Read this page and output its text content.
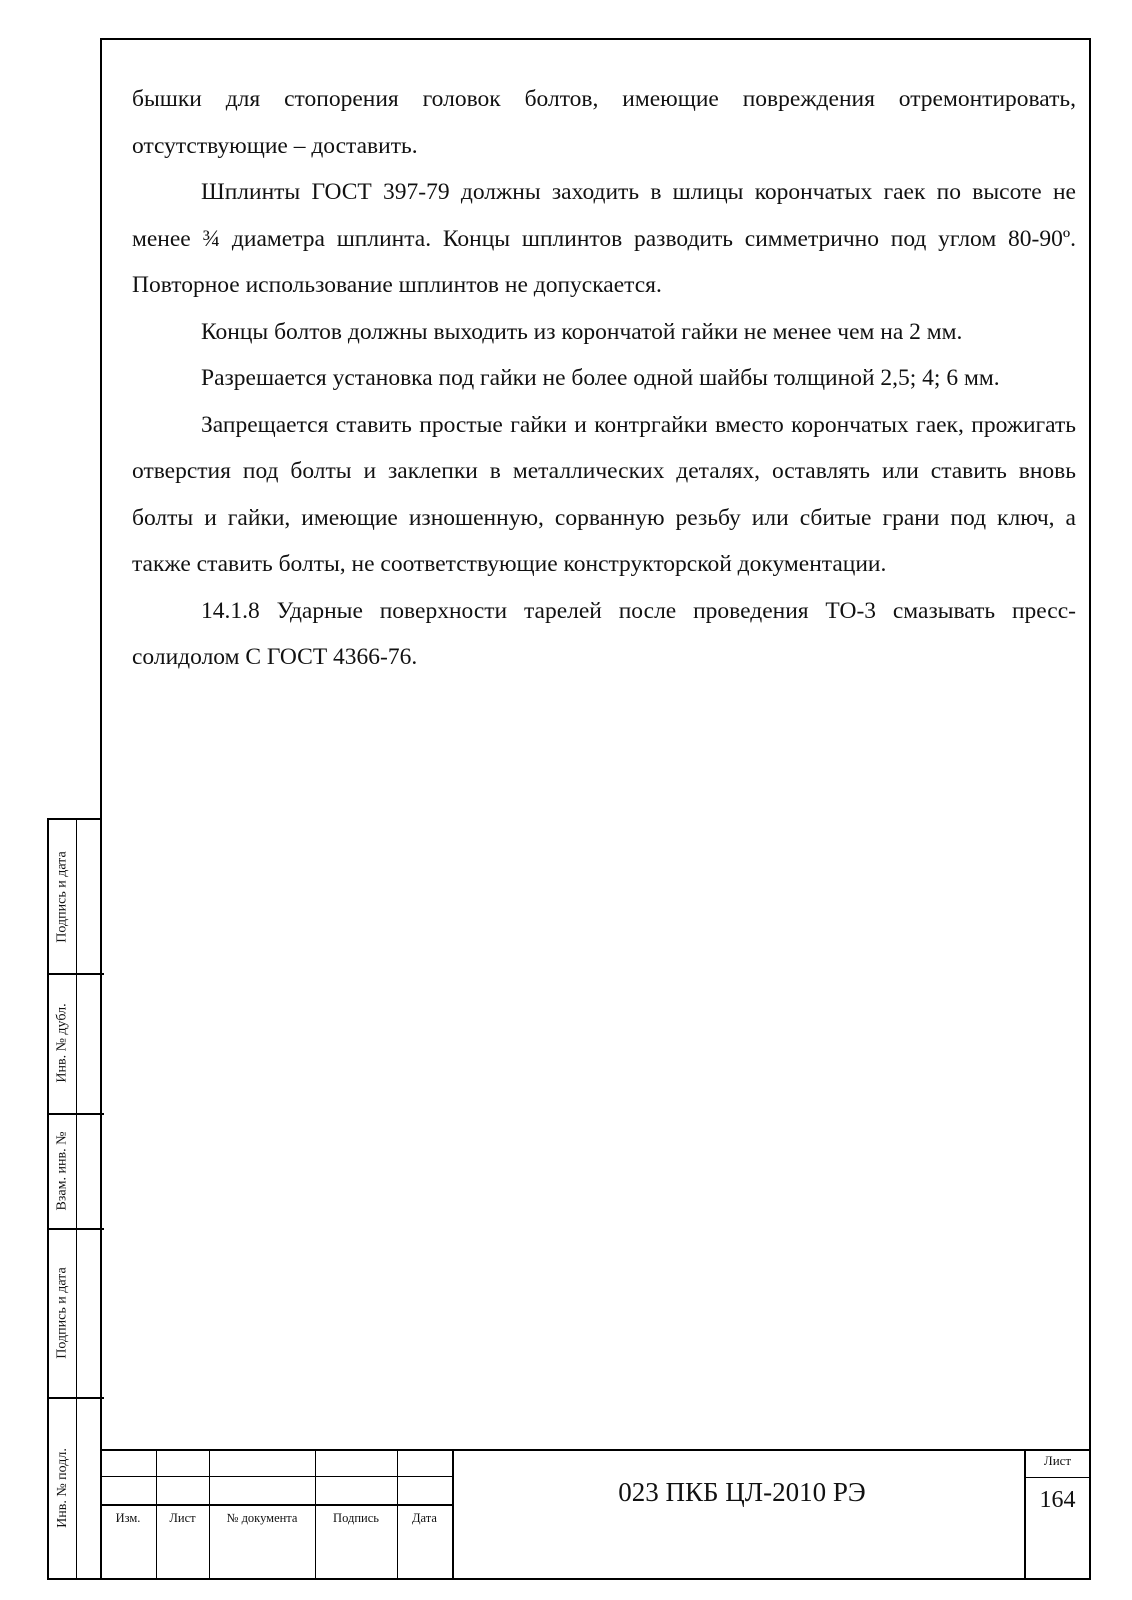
бышки для стопорения головок болтов, имеющие повреждения отремонтировать, отсутствующие – доставить.

Шплинты ГОСТ 397-79 должны заходить в шлицы корончатых гаек по высоте не менее ¾ диаметра шплинта. Концы шплинтов разводить симметрично под углом 80-90º. Повторное использование шплинтов не допускается.

Концы болтов должны выходить из корончатой гайки не менее чем на 2 мм.

Разрешается установка под гайки не более одной шайбы толщиной 2,5; 4; 6 мм.

Запрещается ставить простые гайки и контргайки вместо корончатых гаек, прожигать отверстия под болты и заклепки в металлических деталях, оставлять или ставить вновь болты и гайки, имеющие изношенную, сорванную резьбу или сбитые грани под ключ, а также ставить болты, не соответствующие конструкторской документации.

14.1.8 Ударные поверхности тарелей после проведения ТО-3 смазывать пресс-солидолом С ГОСТ 4366-76.

Подпись и дата
Инв. № дубл.
Взам. инв. №
Подпись и дата
Инв. № подл.	Изм.	Лист	№ документа	Подпись	Дата
023 ПКБ ЦЛ-2010 РЭ
Лист
164
